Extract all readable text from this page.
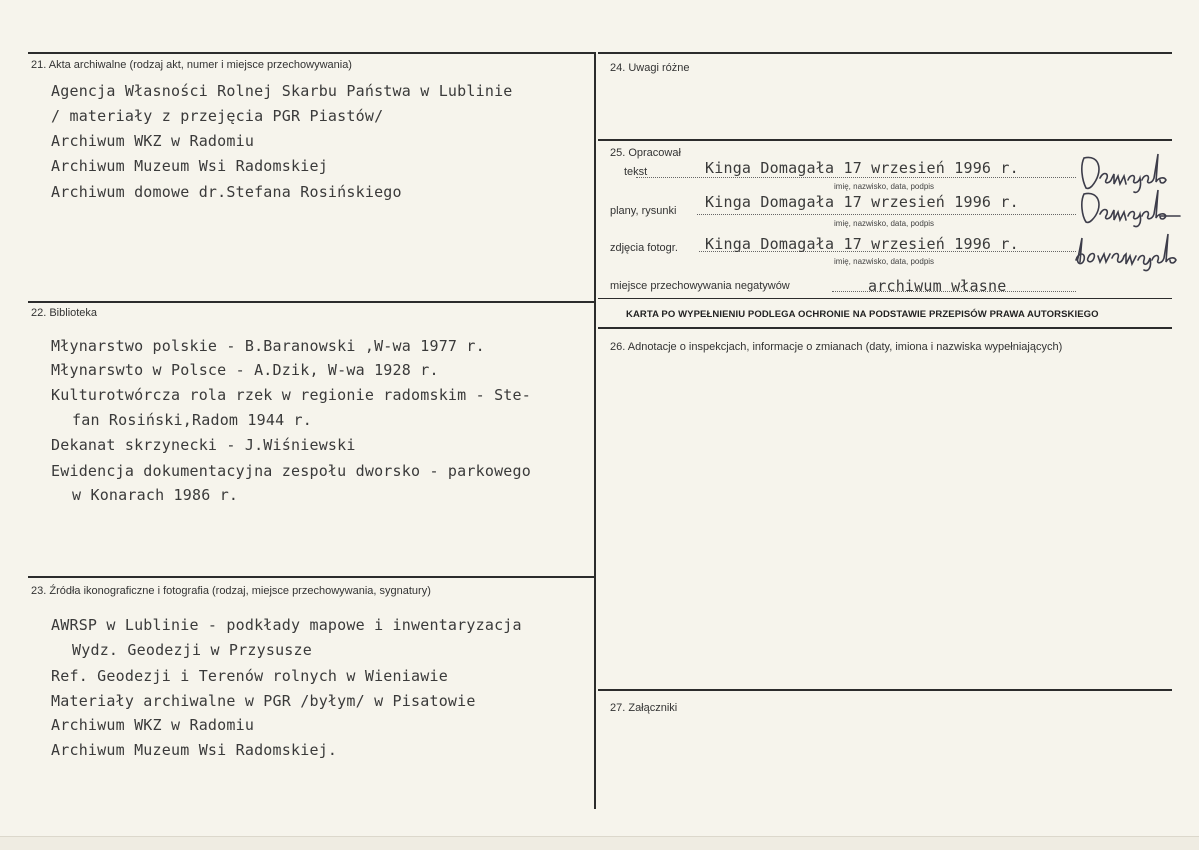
21. Akta archiwalne (rodzaj akt, numer i miejsce przechowywania)
Agencja Własności Rolnej Skarbu Państwa w Lublinie
/ materiały z przejęcia PGR Piastów/
Archiwum WKZ w Radomiu
Archiwum Muzeum Wsi Radomskiej
Archiwum domowe dr.Stefana Rosińskiego
22. Biblioteka
Młynarstwo polskie - B.Baranowski ,W-wa 1977 r.
Młynarswto w Polsce - A.Dzik, W-wa 1928 r.
Kulturotwórcza rola rzek w regionie radomskim - Ste-
fan Rosiński,Radom 1944 r.
Dekanat skrzynecki - J.Wiśniewski
Ewidencja dokumentacyjna zespołu dworsko - parkowego
w Konarach 1986 r.
23. Źródła ikonograficzne i fotografia (rodzaj, miejsce przechowywania, sygnatury)
AWRSP w Lublinie - podkłady mapowe i inwentaryzacja
Wydz. Geodezji w Przysusze
Ref. Geodezji i Terenów rolnych w Wieniawie
Materiały archiwalne w PGR /byłym/ w Pisatowie
Archiwum WKZ w Radomiu
Archiwum Muzeum Wsi Radomskiej.
24. Uwagi różne
25. Opracował
tekst	Kinga Domagała 17 wrzesień 1996 r.
imię, nazwisko, data, podpis
plany, rysunki Kinga Domagała 17 wrzesień 1996 r.
imię, nazwisko, data, podpis
zdjęcia fotogr. Kinga Domagała 17 wrzesień 1996 r.
imię, nazwisko, data, podpis
miejsce przechowywania negatywów	archiwum własne
KARTA PO WYPEŁNIENIU PODLEGA OCHRONIE NA PODSTAWIE PRZEPISÓW PRAWA AUTORSKIEGO
26. Adnotacje o inspekcjach, informacje o zmianach (daty, imiona i nazwiska wypełniających)
27. Załączniki
